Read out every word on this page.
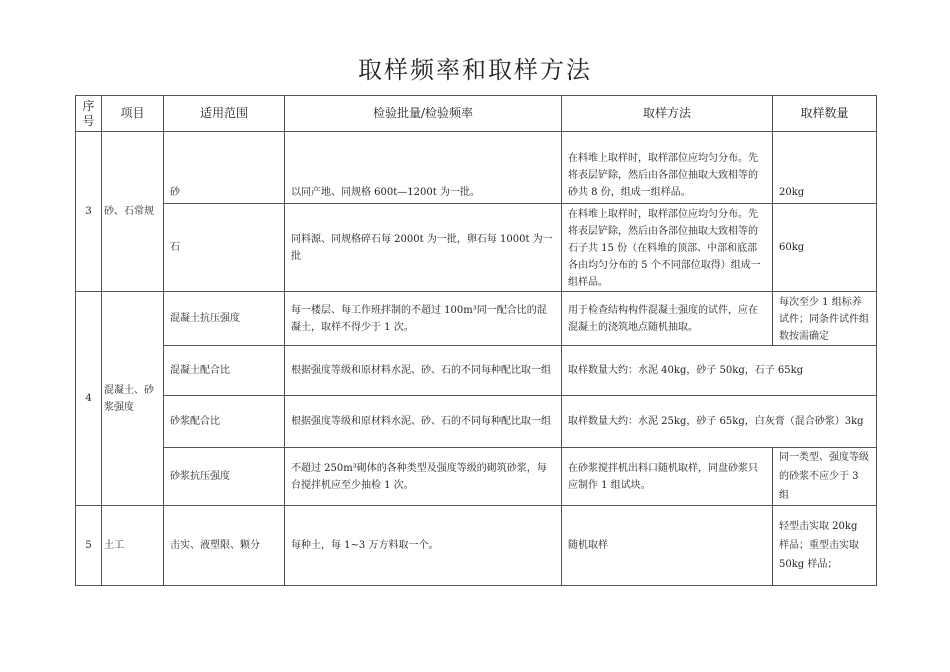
取样频率和取样方法
序号	项目	适用范围	检验批量/检验频率	取样方法	取样数量
3	砂、石常规	砂	以同产地、同规格 600t—1200t 为一批。	在料堆上取样时，取样部位应均匀分布。先将表层铲除，然后由各部位抽取大致相等的砂共 8 份，组成一组样品。	20kg
		石	同料源、同规格碎石每 2000t 为一批，卵石每 1000t 为一批	在料堆上取样时，取样部位应均匀分布。先将表层铲除，然后由各部位抽取大致相等的石子共 15 份（在料堆的顶部、中部和底部各由均匀分布的 5 个不同部位取得）组成一组样品。	60kg
4	混凝土、砂浆强度	混凝土抗压强度	每一楼层、每工作班拌制的不超过 100m³同一配合比的混凝土，取样不得少于 1 次。	用于检查结构构件混凝土强度的试件，应在混凝土的浇筑地点随机抽取。	每次至少 1 组标养试件；同条件试件组数按需确定
		混凝土配合比	根据强度等级和原材料水泥、砂、石的不同每种配比取一组	取样数量大约：水泥 40kg，砂子 50kg，石子 65kg	
		砂浆配合比	根据强度等级和原材料水泥、砂、石的不同每种配比取一组	取样数量大约：水泥 25kg，砂子 65kg，白灰膏（混合砂浆）3kg	
		砂浆抗压强度	不超过 250m³砌体的各种类型及强度等级的砌筑砂浆，每台搅拌机应至少抽检 1 次。	在砂浆搅拌机出料口随机取样，同盘砂浆只应制作 1 组试块。	同一类型、强度等级的砂浆不应少于 3 组
5	土工	击实、液塑限、颗分	每种土，每 1~3 万方料取一个。	随机取样	轻型击实取 20kg 样品；重型击实取 50kg 样品；
